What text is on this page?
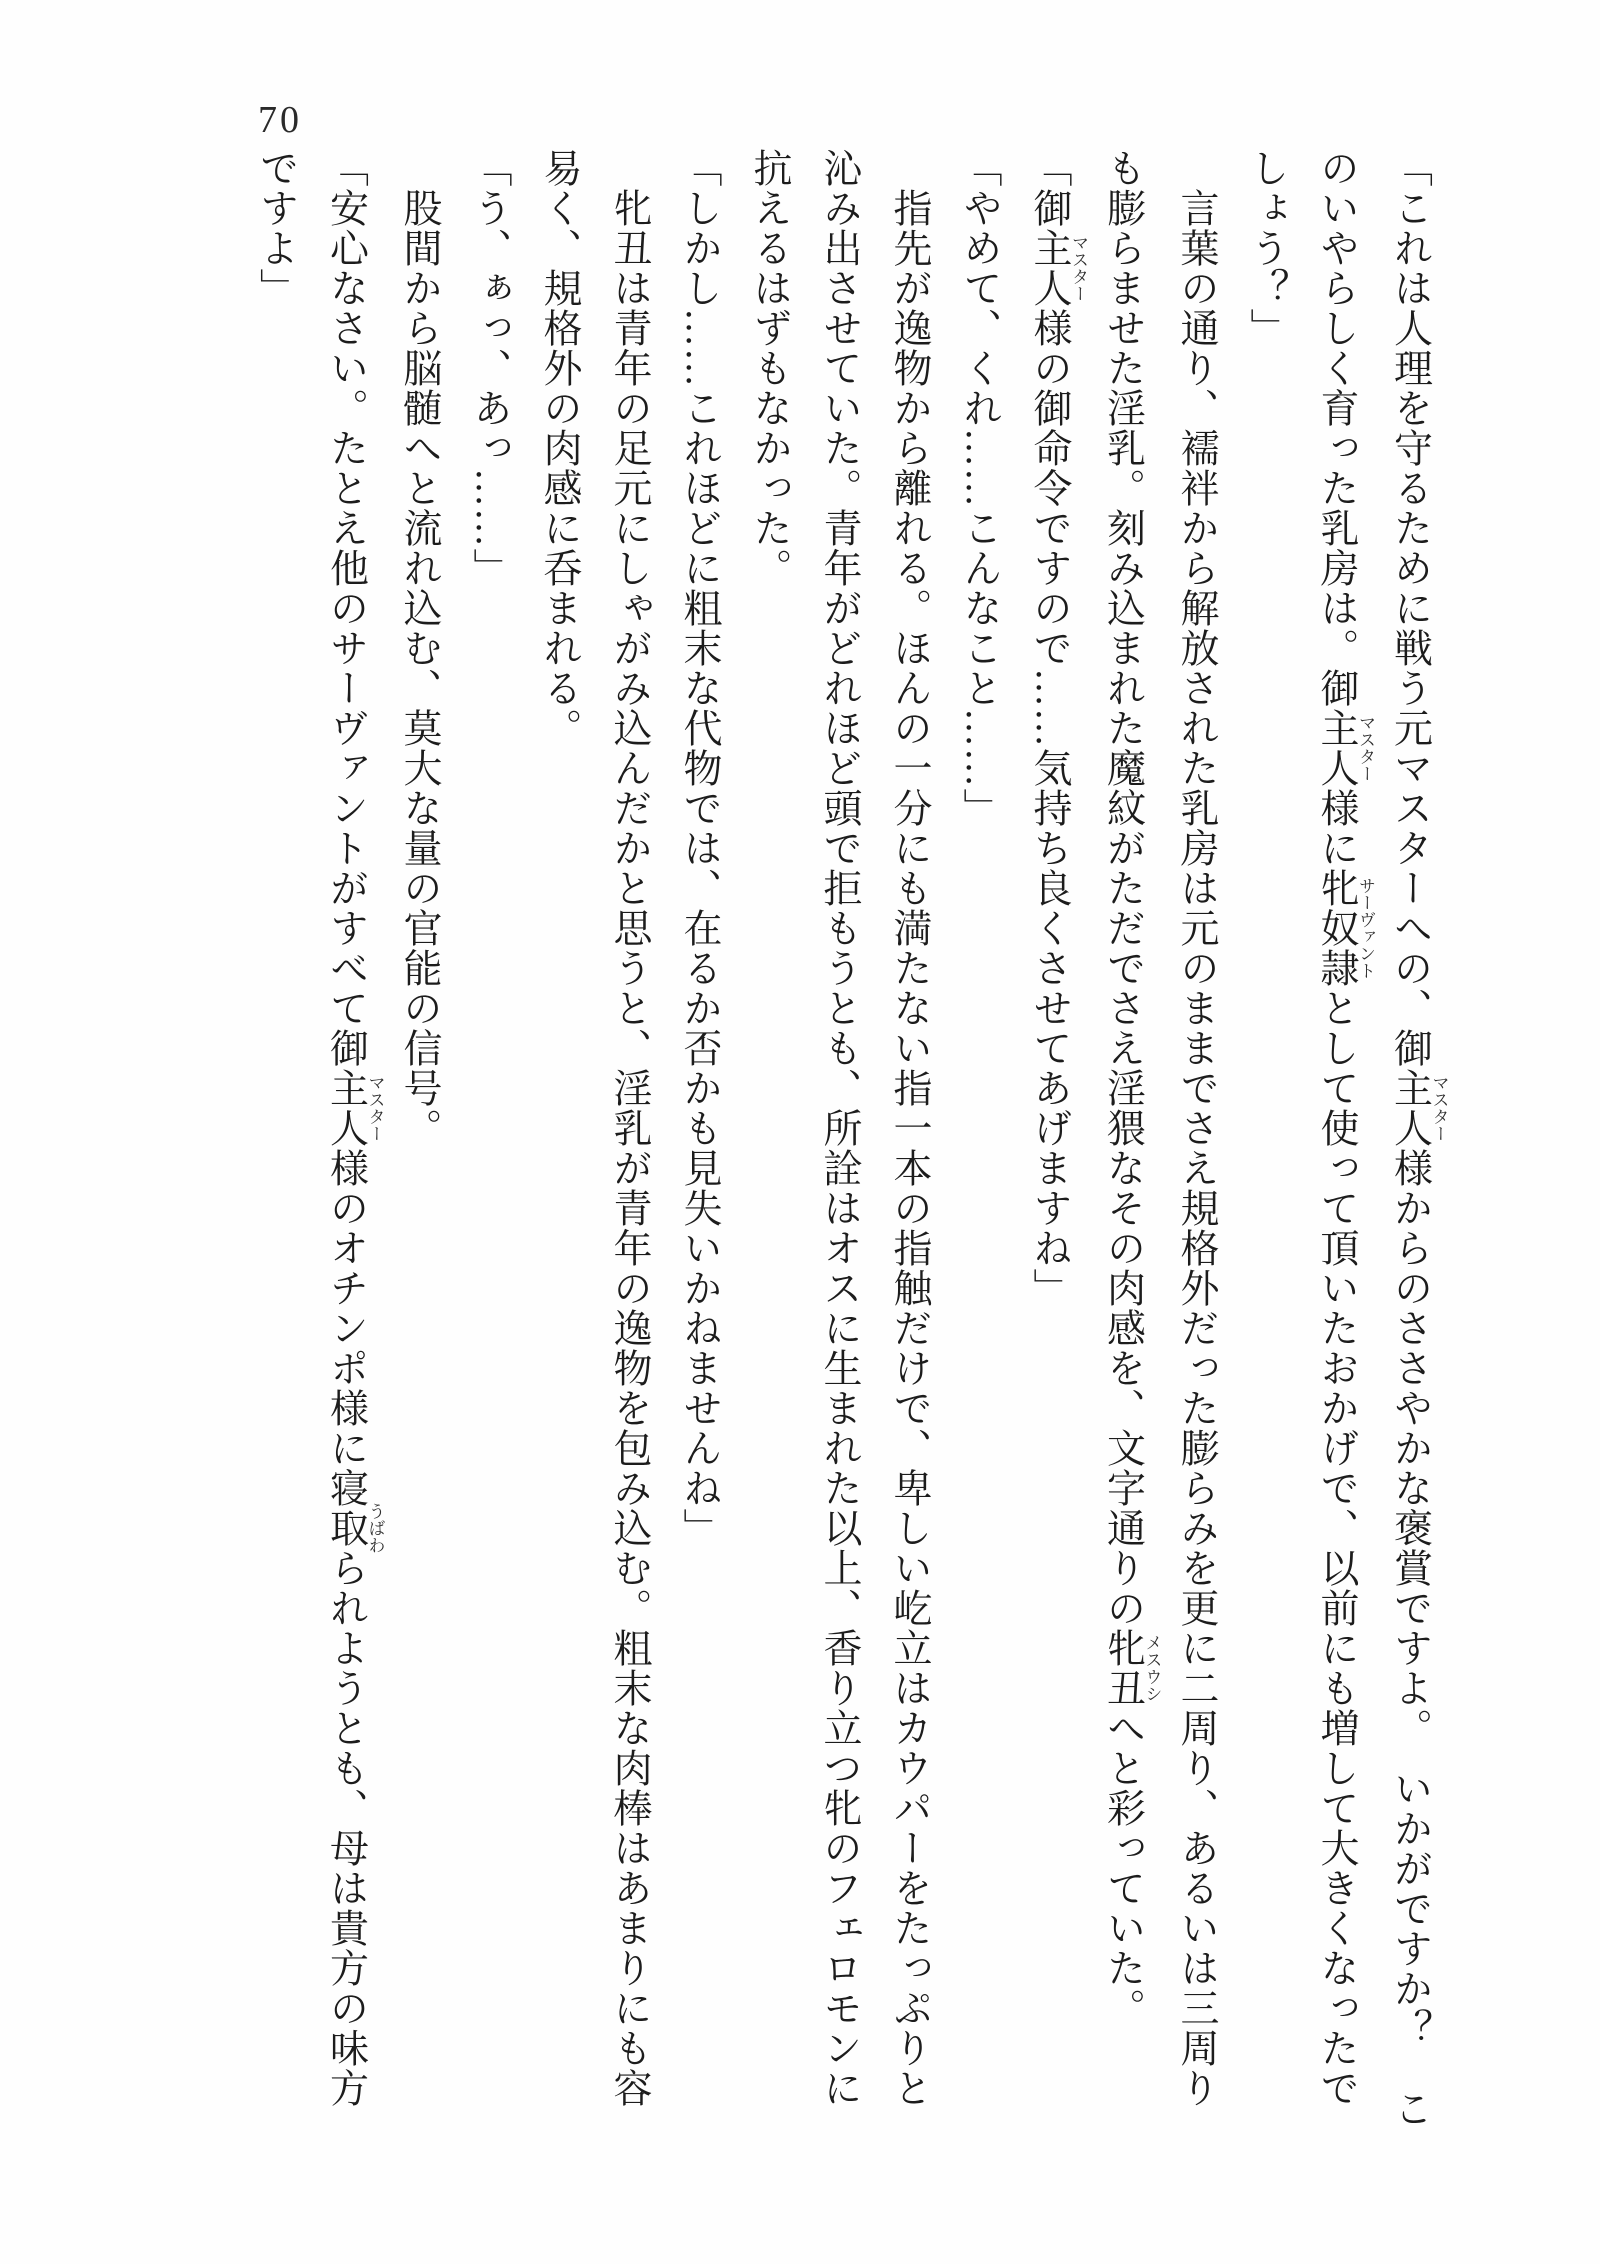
70

「これは人理を守るために戦う元マスターへの、御主人様マスターからのささやかな褒賞ですよ。　いかがですか？　こ

のいやらしく育った乳房は。御主人様マスターに牝奴隷サーヴァントとして使って頂いたおかげで、以前にも増して大きくなったで

しょう？」

　言葉の通り、襦袢から解放された乳房は元のままでさえ規格外だった膨らみを更に二周り、あるいは三周り

も膨らませた淫乳。刻み込まれた魔紋がただでさえ淫猥なその肉感を、文字通りの牝丑メスウシへと彩っていた。

「御主人様マスターの御命令ですので……気持ち良くさせてあげますね」

「やめて、くれ……こんなこと……」

　指先が逸物から離れる。ほんの一分にも満たない指一本の指触だけで、卑しい屹立はカウパーをたっぷりと

沁み出させていた。青年がどれほど頭で拒もうとも、所詮はオスに生まれた以上、香り立つ牝のフェロモンに

抗えるはずもなかった。

「しかし……これほどに粗末な代物では、在るか否かも見失いかねませんね」

　牝丑は青年の足元にしゃがみ込んだかと思うと、淫乳が青年の逸物を包み込む。粗末な肉棒はあまりにも容

易く、規格外の肉感に呑まれる。

「う、ぁっ、あっ……」

　股間から脳髄へと流れ込む、莫大な量の官能の信号。

「安心なさい。たとえ他のサーヴァントがすべて御主人様マスターのオチンポ様に寝取らうばわれようとも、母は貴方の味方

ですよ」
